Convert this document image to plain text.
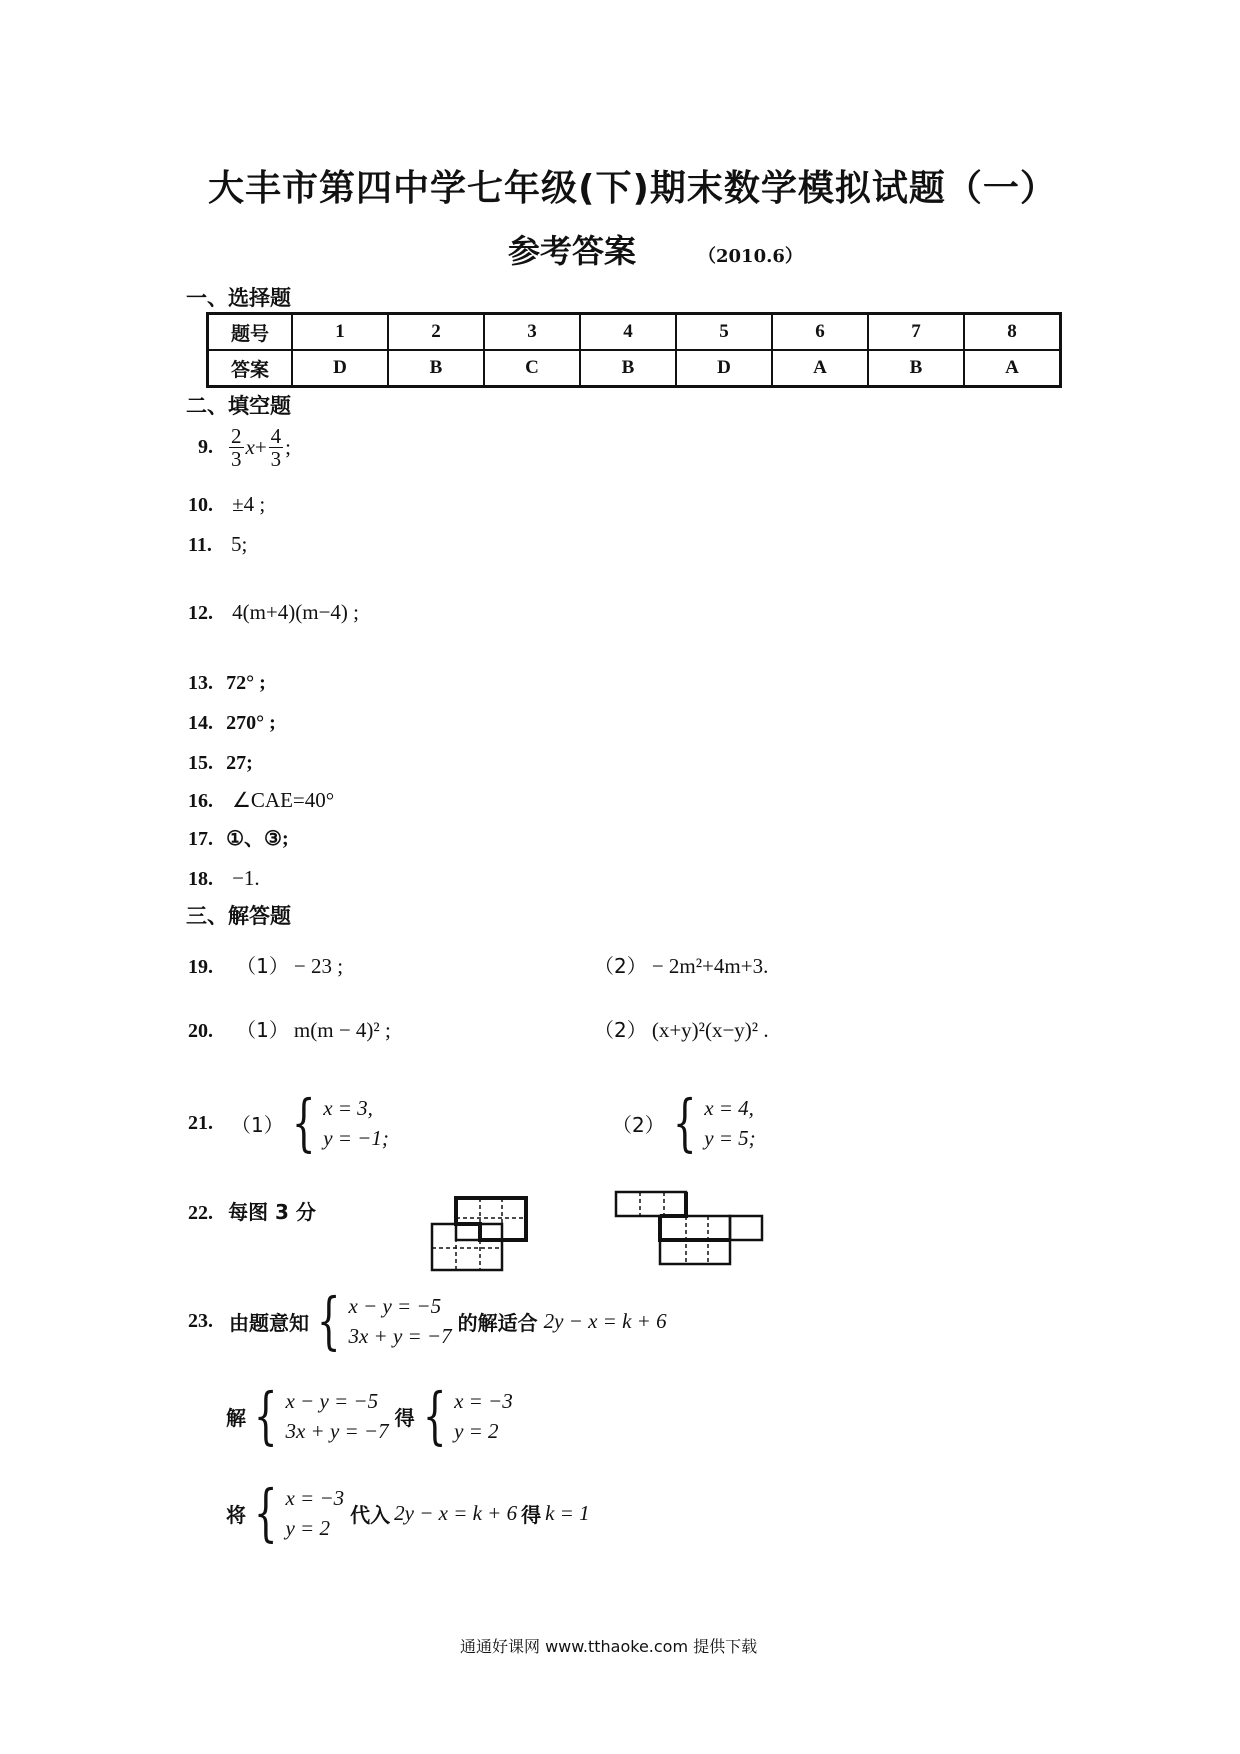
大丰市第四中学七年级(下)期末数学模拟试题（一）
参考答案	（2010.6）
一、选择题
题号	1	2	3	4	5	6	7	8
答案	D	B	C	B	D	A	B	A
二、填空题
9. $\frac{2}{3}$ $x + \frac{4}{3}$ ;
10. ±4 ;
11. 5;
12. 4(m+4)(m−4) ;
13. 72° ;
14. 270° ;
15. 27;
16. ∠CAE=40°
17. ①、③;
18. −1.
三、解答题
19. （1） − 23 ;	（2） − 2m²+4m+3.
20. （1） m(m − 4)² ;	（2） (x+y)²(x−y)² .
21. （1） { x = 3,
y = −1;
（2） { x = 4,
y = 5;
22. 每图 3 分
23. 由题意知 { x − y = −5
3x + y = −7
的解适合 2y − x = k + 6
解 { x − y = −5
3x + y = −7
得 { x = −3
y = 2
将 { x = −3
y = 2
代入 2y − x = k + 6 得 k = 1
通通好课网 www.tthaoke.com 提供下载
